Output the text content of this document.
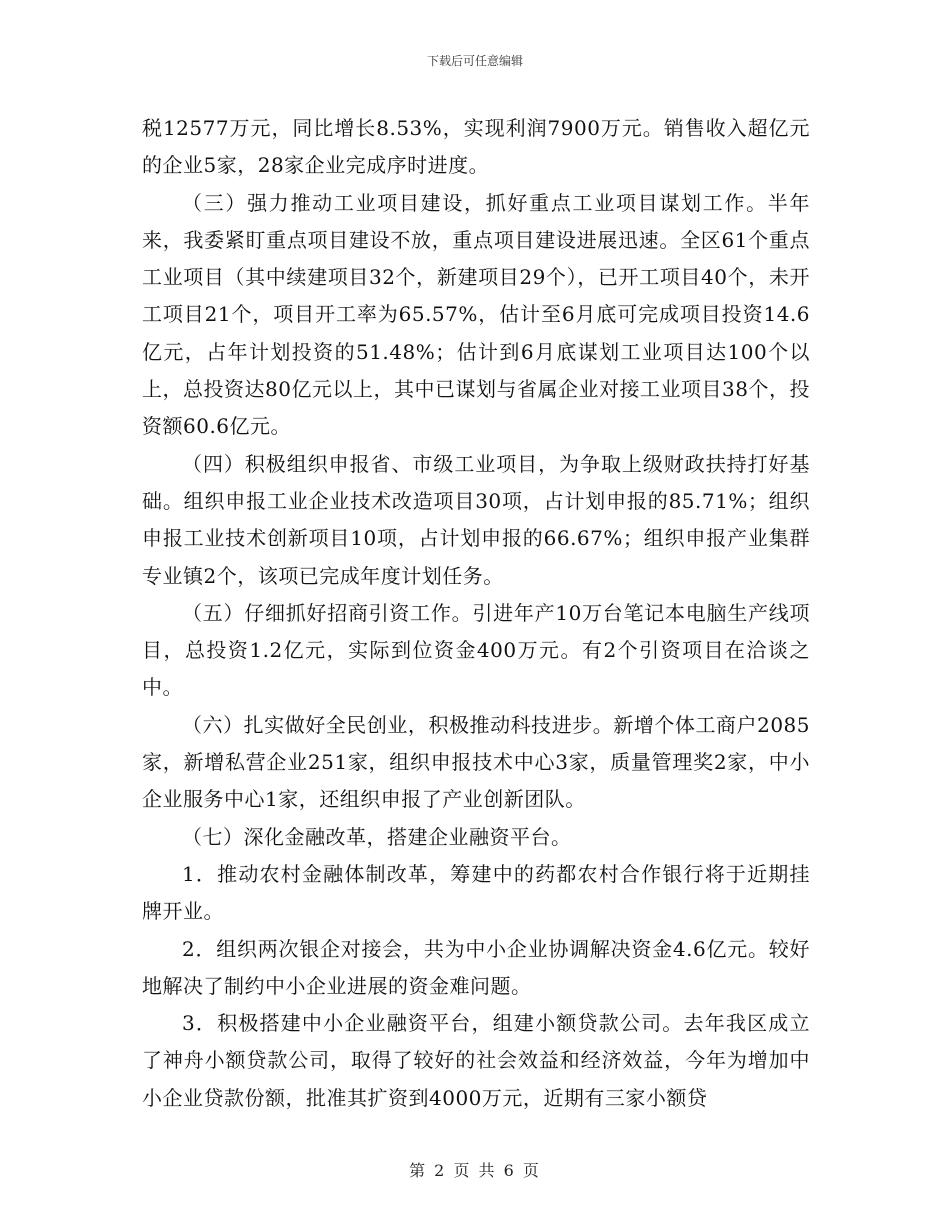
下载后可任意编辑

税12577万元，同比增长8.53%，实现利润7900万元。销售收入超亿元的企业5家，28家企业完成序时进度。

（三）强力推动工业项目建设，抓好重点工业项目谋划工作。半年来，我委紧盯重点项目建设不放，重点项目建设进展迅速。全区61个重点工业项目（其中续建项目32个，新建项目29个），已开工项目40个，未开工项目21个，项目开工率为65.57%，估计至6月底可完成项目投资14.6亿元，占年计划投资的51.48%；估计到6月底谋划工业项目达100个以上，总投资达80亿元以上，其中已谋划与省属企业对接工业项目38个，投资额60.6亿元。

（四）积极组织申报省、市级工业项目，为争取上级财政扶持打好基础。组织申报工业企业技术改造项目30项，占计划申报的85.71%；组织申报工业技术创新项目10项，占计划申报的66.67%；组织申报产业集群专业镇2个，该项已完成年度计划任务。

（五）仔细抓好招商引资工作。引进年产10万台笔记本电脑生产线项目，总投资1.2亿元，实际到位资金400万元。有2个引资项目在洽谈之中。

（六）扎实做好全民创业，积极推动科技进步。新增个体工商户2085家，新增私营企业251家，组织申报技术中心3家，质量管理奖2家，中小企业服务中心1家，还组织申报了产业创新团队。

（七）深化金融改革，搭建企业融资平台。

1．推动农村金融体制改革，筹建中的药都农村合作银行将于近期挂牌开业。

2．组织两次银企对接会，共为中小企业协调解决资金4.6亿元。较好地解决了制约中小企业进展的资金难问题。

3．积极搭建中小企业融资平台，组建小额贷款公司。去年我区成立了神舟小额贷款公司，取得了较好的社会效益和经济效益，今年为增加中小企业贷款份额，批准其扩资到4000万元，近期有三家小额贷

第 2 页 共 6 页
